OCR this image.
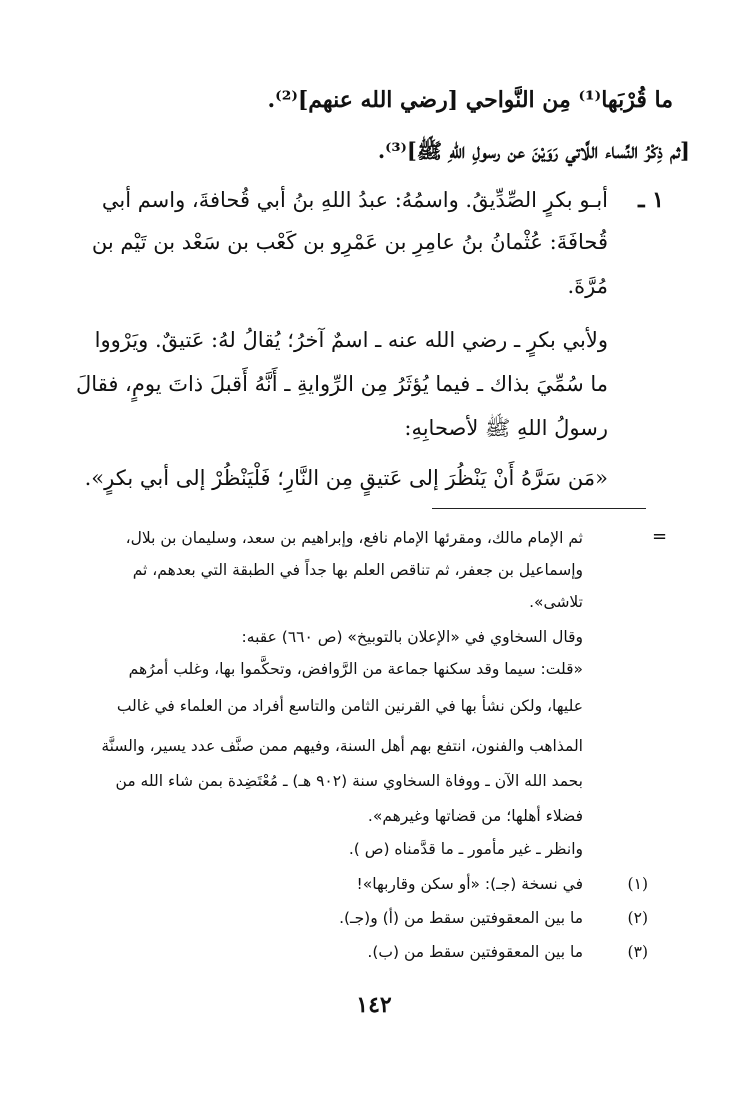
ما قُرْبَها⁽¹⁾ مِن النَّواحي [رضي الله عنهم]⁽²⁾.
[ثم ذِكْرُ النِّساء اللَّاتي رَوَيْنَ عن رسولِ اللهِ ﷺ]⁽³⁾.
١ ـ
أبـو بكرٍ الصِّدِّيقُ. واسمُهُ: عبدُ اللهِ بنُ أبي قُحافةَ، واسم أبي
قُحافَةَ: عُثْمانُ بنُ عامِرِ بن عَمْرِو بن كَعْب بن سَعْد بن تَيْم بن
مُرَّةَ.
ولأبي بكرٍ ـ رضي الله عنه ـ اسمٌ آخرُ؛ يُقالُ لهُ: عَتيقٌ. ويَرْووا
ما سُمِّيَ بذاك ـ فيما يُؤثَرُ مِن الرِّوايةِ ـ أَنَّهُ أَقبلَ ذاتَ يومٍ، فقالَ
رسولُ اللهِ ﷺ لأصحابِهِ:
«مَن سَرَّهُ أَنْ يَنْظُرَ إلى عَتيقٍ مِن النَّارِ؛ فَلْيَنْظُرْ إلى أبي بكرٍ».
=
ثم الإمام مالك، ومقرئها الإمام نافع، وإبراهيم بن سعد، وسليمان بن بلال،
وإسماعيل بن جعفر، ثم تناقص العلم بها جداً في الطبقة التي بعدهم، ثم
تلاشى».
وقال السخاوي في «الإعلان بالتوبيخ» (ص ٦٦٠) عقبه:
«قلت: سيما وقد سكنها جماعة من الرَّوافض، وتحكَّموا بها، وغلب أمرُهم
عليها، ولكن نشأ بها في القرنين الثامن والتاسع أفراد من العلماء في غالب
المذاهب والفنون، انتفع بهم أهل السنة، وفيهم ممن صنَّف عدد يسير، والسنَّة
بحمد الله الآن ـ ووفاة السخاوي سنة (٩٠٢ هـ) ـ مُعْتَضِدة بمن شاء الله من
فضلاء أهلها؛ من قضاتها وغيرهم».
وانظر ـ غير مأمور ـ ما قدَّمناه (ص ).
(١)
في نسخة (جـ): «أو سكن وقاربها»!
(٢)
ما بين المعقوفتين سقط من (أ) و(جـ).
(٣)
ما بين المعقوفتين سقط من (ب).
١٤٢
